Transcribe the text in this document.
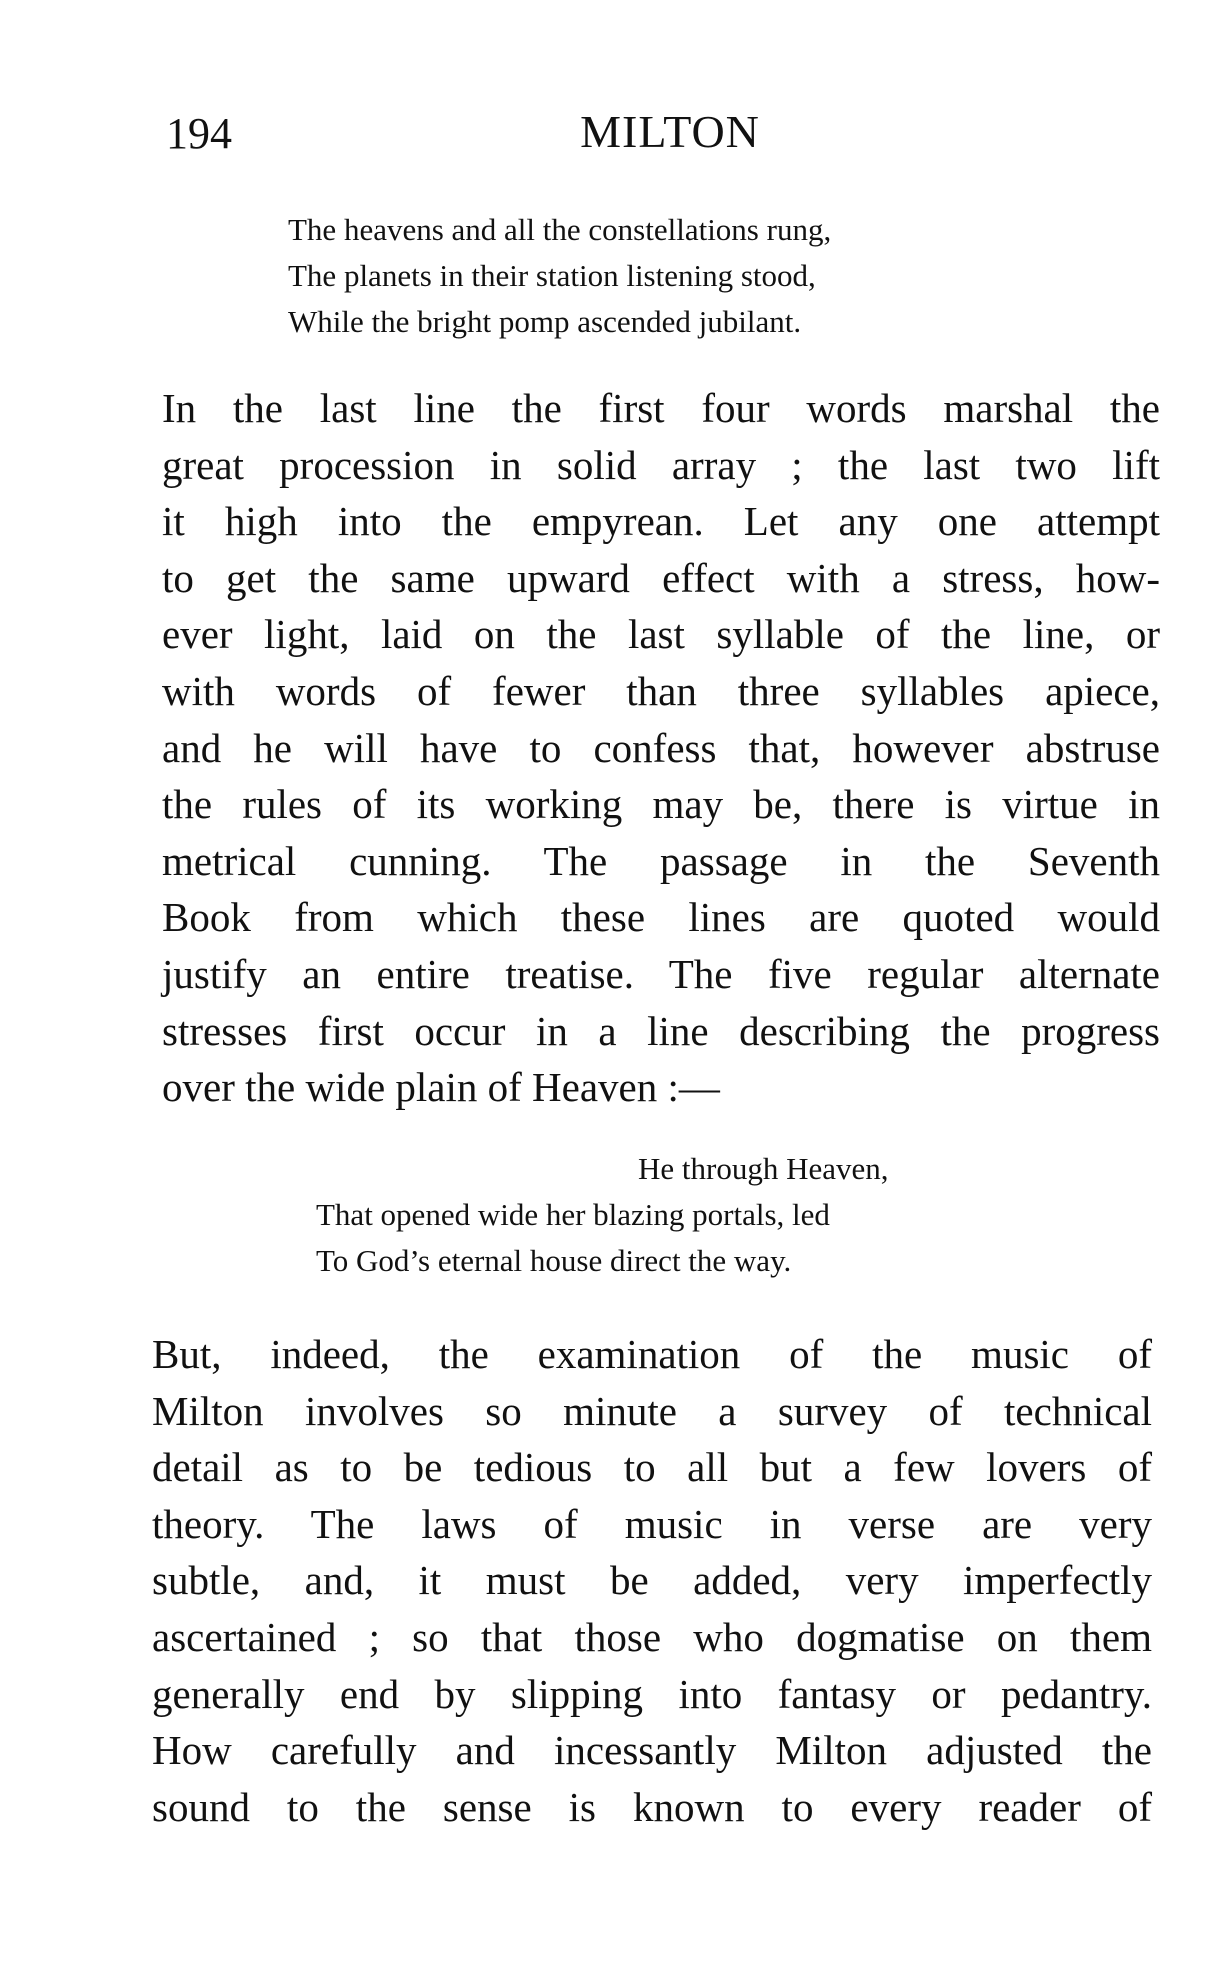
194	MILTON
The heavens and all the constellations rung,
The planets in their station listening stood,
While the bright pomp ascended jubilant.
In the last line the first four words marshal the
great procession in solid array ; the last two lift
it high into the empyrean. Let any one attempt
to get the same upward effect with a stress, how-
ever light, laid on the last syllable of the line, or
with words of fewer than three syllables apiece,
and he will have to confess that, however abstruse
the rules of its working may be, there is virtue in
metrical cunning. The passage in the Seventh
Book from which these lines are quoted would
justify an entire treatise. The five regular alternate
stresses first occur in a line describing the progress
over the wide plain of Heaven :—
He through Heaven,
That opened wide her blazing portals, led
To God’s eternal house direct the way.
But, indeed, the examination of the music of
Milton involves so minute a survey of technical
detail as to be tedious to all but a few lovers of
theory. The laws of music in verse are very
subtle, and, it must be added, very imperfectly
ascertained ; so that those who dogmatise on them
generally end by slipping into fantasy or pedantry.
How carefully and incessantly Milton adjusted the
sound to the sense is known to every reader of
